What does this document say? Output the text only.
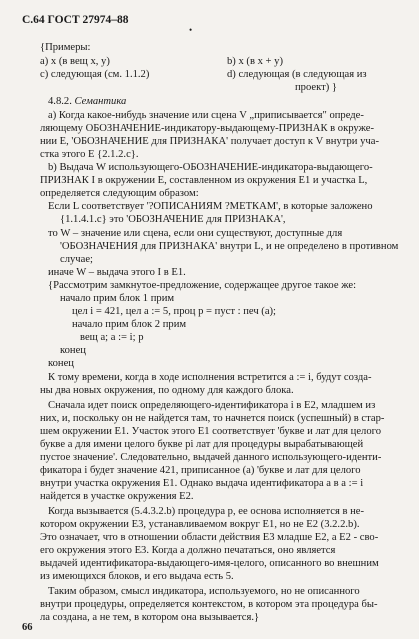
С.64 ГОСТ 27974–88
•
{Примеры:
a) x (в вещ x, y)	b) x (в x + y)
c) следующая (см. 1.1.2)	d) следующая (в следующая из
проект) }
4.8.2. Семантика
a) Когда какое-нибудь значение или сцена V „приписывается" опреде-
ляющему ОБОЗНАЧЕНИЕ-индикатору-выдающему-ПРИЗНАК в окруже-
нии E, 'ОБОЗНАЧЕНИЕ для ПРИЗНАКА' получает доступ к V внутри уча-
стка этого E {2.1.2.c}.
b) Выдача W использующего-ОБОЗНАЧЕНИЕ-индикатора-выдающего-
ПРИЗНАК I в окружении E, составленном из окружения E1 и участка L,
определяется следующим образом:
Если L соответствует '?ОПИСАНИЯМ ?МЕТКАМ', в которые заложено
{1.1.4.1.c} это 'ОБОЗНАЧЕНИЕ для ПРИЗНАКА',
то W – значение или сцена, если они существуют, доступные для
'ОБОЗНАЧЕНИЯ для ПРИЗНАКА' внутри L, и не определено в противном
случае;
иначе W – выдача этого I в E1.
{Рассмотрим замкнутое-предложение, содержащее другое такое же:
начало прим блок 1 прим
цел i = 421, цел a := 5, проц p = пуст : печ (a);
начало прим блок 2 прим
вещ a; a := i; p
конец
конец
К тому времени, когда в ходе исполнения встретится a := i, будут созда-
ны два новых окружения, по одному для каждого блока.
Сначала идет поиск определяющего-идентификатора i в E2, младшем из
них, и, поскольку он не найдется там, то начнется поиск (успешный) в стар-
шем окружении E1. Участок этого E1 соответствует 'буквe и лат для целого
буквe a для имени целого буквe pi лат для процедуры вырабатывающей
пустое значение'. Следовательно, выдачей данного использующего-иденти-
фикатора i будет значение 421, приписанное (a) 'буквe и лат для целого
внутри участка окружения E1. Однако выдача идентификатора a в a := i
найдется в участке окружения E2.
Когда вызывается (5.4.3.2.b) процедура p, ее основа исполняется в не-
котором окружении E3, устанавливаемом вокруг E1, но не E2 (3.2.2.b).
Это означает, что в отношении области действия E3 младше E2, а E2 - сво-
его окружения этого E3. Когда a должно печататься, оно является
выдачей идентификатора-выдающего-имя-целого, описанного во внешним
из имеющихся блоков, и его выдача есть 5.
Таким образом, смысл индикатора, используемого, но не описанного
внутри процедуры, определяется контекстом, в котором эта процедура бы-
ла создана, а не тем, в котором она вызывается.}
66
